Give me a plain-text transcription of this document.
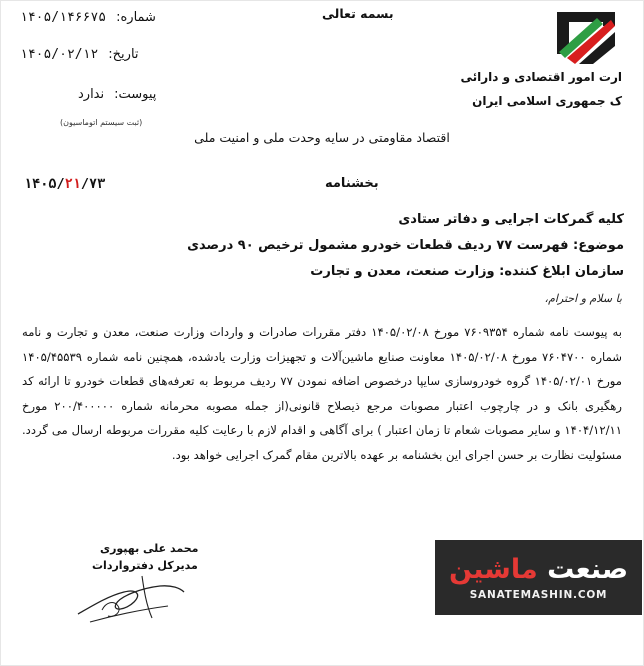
بسمه تعالی
شماره:
۱۴۰۵/۱۴۶۶۷۵
تاریخ:
۱۴۰۵/۰۲/۱۲
پیوست:
ندارد
(ثبت سیستم اتوماسیون)
ارت امور اقتصادی و دارائی
ک جمهوری اسلامی ایران
اقتصاد مقاومتی در سایه وحدت ملی و امنیت ملی
بخشنامه
۱۴۰۵/۲۱/۷۳
کلیه گمرکات اجرایی و دفاتر ستادی
موضوع: فهرست ۷۷ ردیف قطعات خودرو مشمول ترخیص ۹۰ درصدی
سازمان ابلاغ کننده: وزارت صنعت، معدن و تجارت
با سلام و احترام،
به پیوست نامه شماره ۷۶۰۹۳۵۴ مورخ ۱۴۰۵/۰۲/۰۸ دفتر مقررات صادرات و واردات وزارت صنعت، معدن و تجارت و نامه شماره ۷۶۰۴۷۰۰ مورخ ۱۴۰۵/۰۲/۰۸ معاونت صنایع ماشین‌آلات و تجهیزات وزارت یادشده، همچنین نامه شماره ۱۴۰۵/۴۵۵۳۹ مورخ ۱۴۰۵/۰۲/۰۱ گروه خودروسازی سایپا درخصوص اضافه نمودن ۷۷ ردیف مربوط به تعرفه‌های قطعات خودرو تا ارائه کد رهگیری بانک و در چارچوب اعتبار مصوبات مرجع ذیصلاح قانونی(از جمله مصوبه محرمانه شماره ۲۰۰/۴۰۰۰۰۰ مورخ ۱۴۰۴/۱۲/۱۱ و سایر مصوبات شعام تا زمان اعتبار ) برای آگاهی و اقدام لازم با رعایت کلیه مقررات مربوطه ارسال می گردد. مسئولیت نظارت بر حسن اجرای این بخشنامه بر عهده بالاترین مقام گمرک اجرایی خواهد بود.
محمد علی بهپوری
مدیرکل دفترواردات	صنعت ماشین
SANATEMASHIN.COM
